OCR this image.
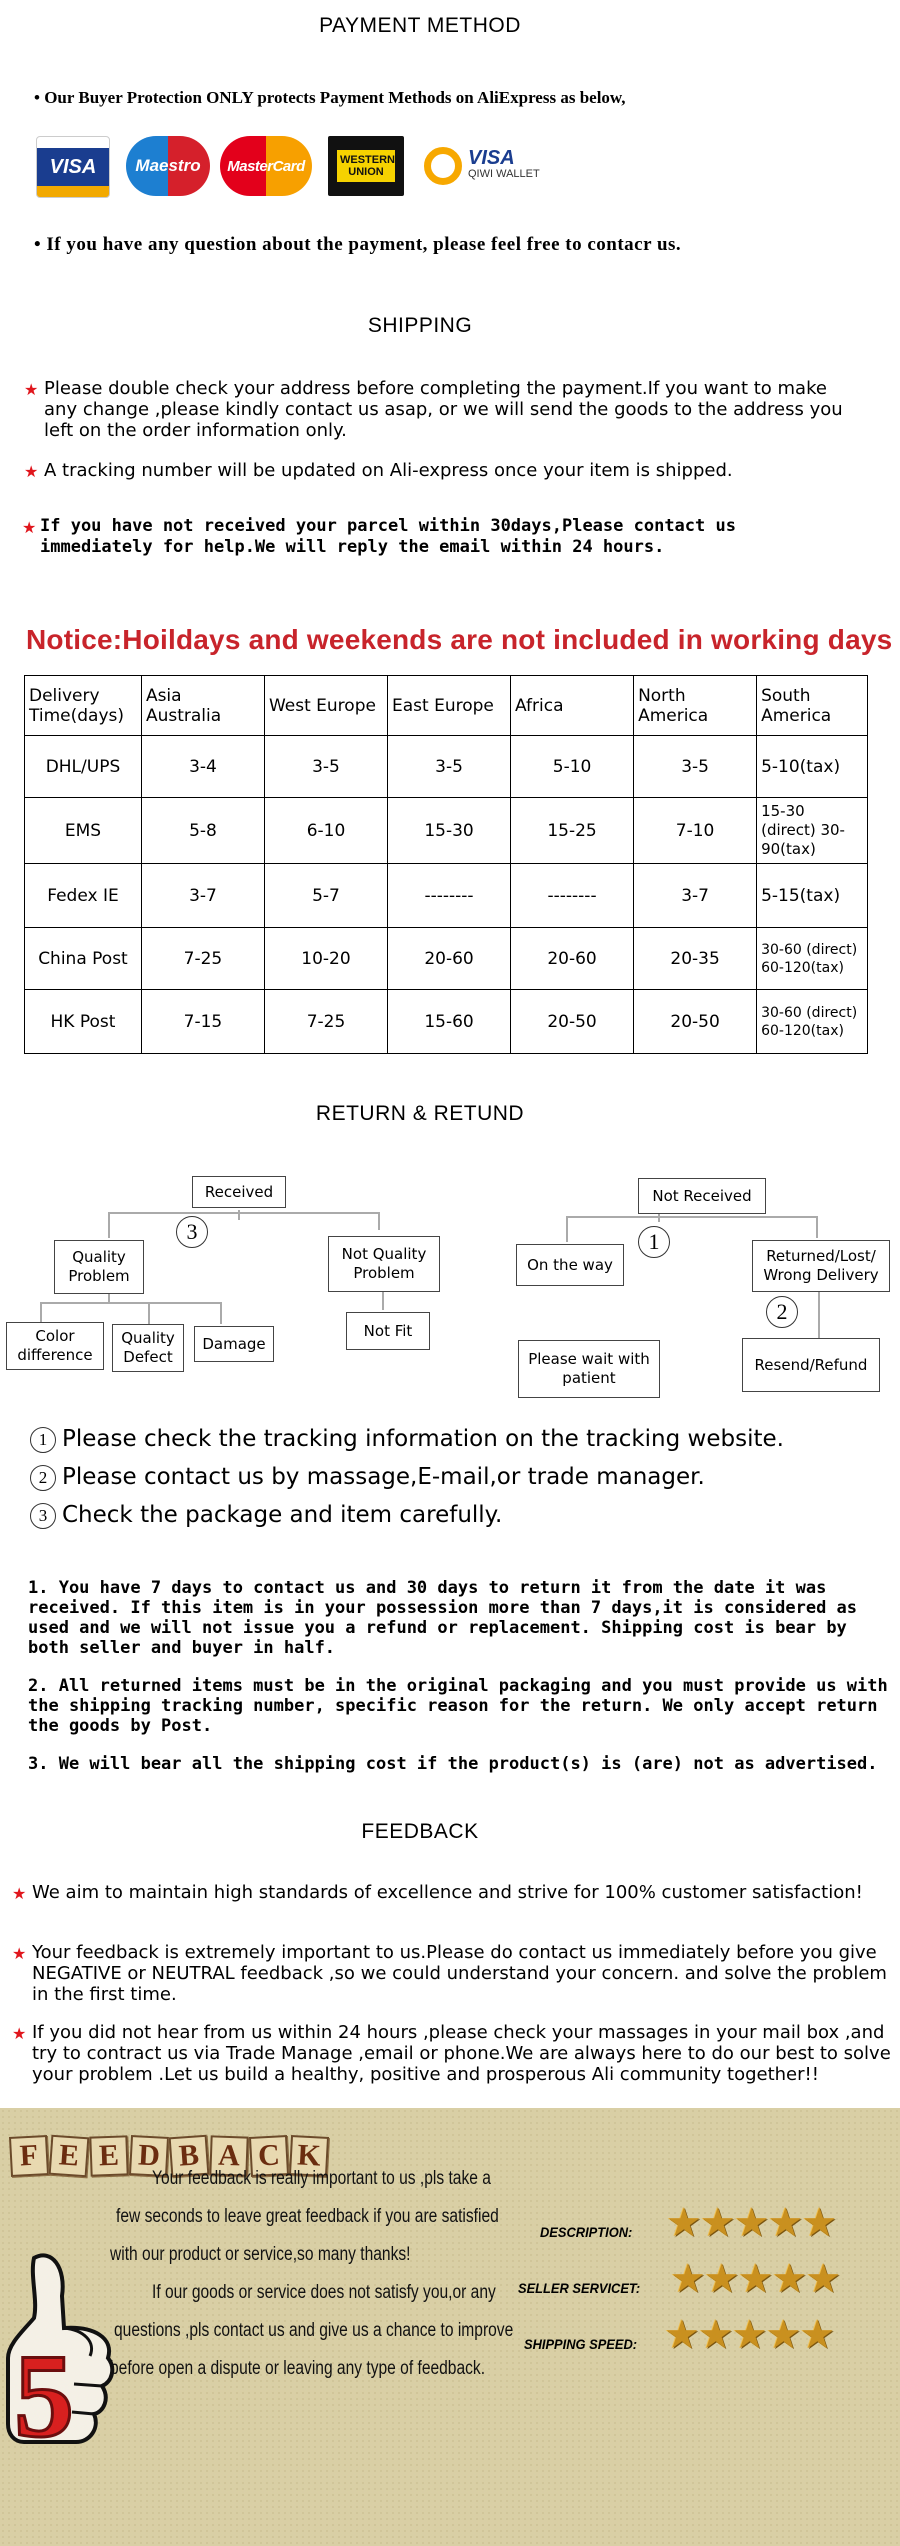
PAYMENT METHOD
• Our Buyer Protection ONLY protects Payment Methods on AliExpress as below,
VISA Maestro MasterCard	WESTERN UNION
VISA
QIWI WALLET
• If you have any question about the payment, please feel free to contacr us.
SHIPPING
★ Please double check your address before completing the payment.If you want to make any change ,please kindly contact us asap, or we will send the goods to the address you left on the order information only.
★ A tracking number will be updated on Ali-express once your item is shipped.
★ If you have not received your parcel within 30days,Please contact us immediately for help.We will reply the email within 24 hours.
Notice:Hoildays and weekends are not included in working days
Delivery Time(days)	Asia Australia	West Europe	East Europe	Africa	North America	South America
DHL/UPS	3-4	3-5	3-5	5-10	3-5	5-10(tax)
EMS	5-8	6-10	15-30	15-25	7-10	15-30 (direct) 30-90(tax)
Fedex IE	3-7	5-7	--------	--------	3-7	5-15(tax)
China Post	7-25	10-20	20-60	20-60	20-35	30-60 (direct) 60-120(tax)
HK Post	7-15	7-25	15-60	20-50	20-50	30-60 (direct) 60-120(tax)
RETURN & RETUND
Received
3
Quality Problem
Not Quality Problem
Color difference
Quality Defect
Damage
Not Fit
Not Received
1
On the way	Returned/Lost/ Wrong Delivery
2
Please wait with patient
Resend/Refund
1 Please check the tracking information on the tracking website.
2 Please contact us by massage,E-mail,or trade manager.
3 Check the package and item carefully.
1. You have 7 days to contact us and 30 days to return it from the date it was received. If this item is in your possession more than 7 days,it is considered as used and we will not issue you a refund or replacement. Shipping cost is bear by both seller and buyer in half.
2. All returned items must be in the original packaging and you must provide us with the shipping tracking number, specific reason for the return. We only accept return the goods by Post.
3. We will bear all the shipping cost if the product(s) is (are) not as advertised.
FEEDBACK
★ We aim to maintain high standards of excellence and strive for 100% customer satisfaction!
★ Your feedback is extremely important to us.Please do contact us immediately before you give NEGATIVE or NEUTRAL feedback ,so we could understand your concern. and solve the problem in the first time.
★ If you did not hear from us within 24 hours ,please check your massages in your mail box ,and try to contract us via Trade Manage ,email or phone.We are always here to do our best to solve your problem .Let us build a healthy, positive and prosperous Ali community together!!
F E E D B A C K
5
Your feedback is really important to us ,pls take a
few seconds to leave great feedback if you are satisfied
with our product or service,so many thanks!
If our goods or service does not satisfy you,or any
questions ,pls contact us and give us a chance to improve
before open a dispute or leaving any type of feedback.
DESCRIPTION: ★★★★★
SELLER SERVICET: ★★★★★
SHIPPING SPEED: ★★★★★
